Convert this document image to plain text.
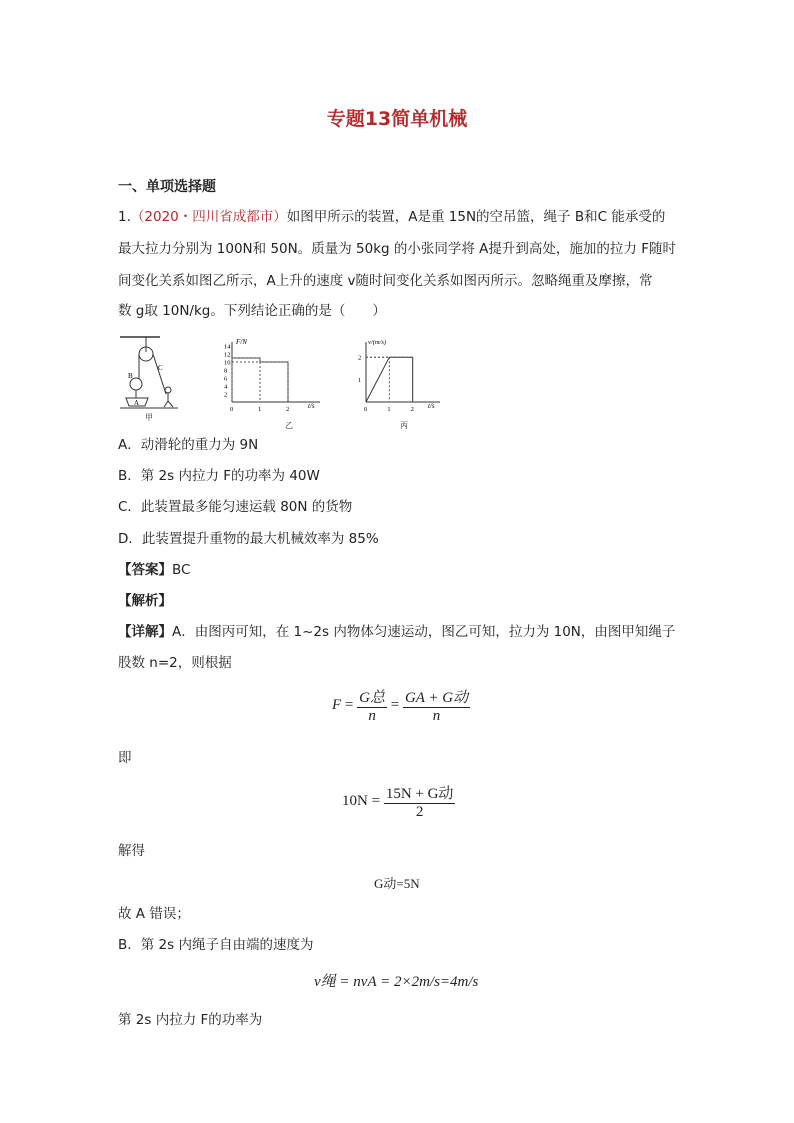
专题13简单机械
一、单项选择题
1.（2020・四川省成都市）如图甲所示的装置，A是重 15N的空吊篮，绳子 B和C 能承受的
最大拉力分别为 100N和 50N。质量为 50kg 的小张同学将 A提升到高处，施加的拉力 F随时
间变化关系如图乙所示，A上升的速度 v随时间变化关系如图丙所示。忽略绳重及摩擦，常
数 g取 10N/kg。下列结论正确的是（　　）
B
C
A
甲
14
12
10
8
6
4
2
0	1	2
F/N
t/s
乙
2
1
0	1	2
v/(m/s)
t/s
丙
A．动滑轮的重力为 9N
B．第 2s 内拉力 F的功率为 40W
C．此装置最多能匀速运载 80N 的货物
D．此装置提升重物的最大机械效率为 85%
【答案】BC
【解析】
【详解】A．由图丙可知，在 1~2s 内物体匀速运动，图乙可知，拉力为 10N，由图甲知绳子
股数 n=2，则根据
$F = \frac{\text{G总}}{n} = \frac{\text{GA + G动}}{n}$
即
$10N = \frac{\text{15N + G动}}{2}$
解得
G动=5N
故 A 错误；
B．第 2s 内绳子自由端的速度为
v绳 = nvA = 2×2m/s=4m/s
第 2s 内拉力 F的功率为
